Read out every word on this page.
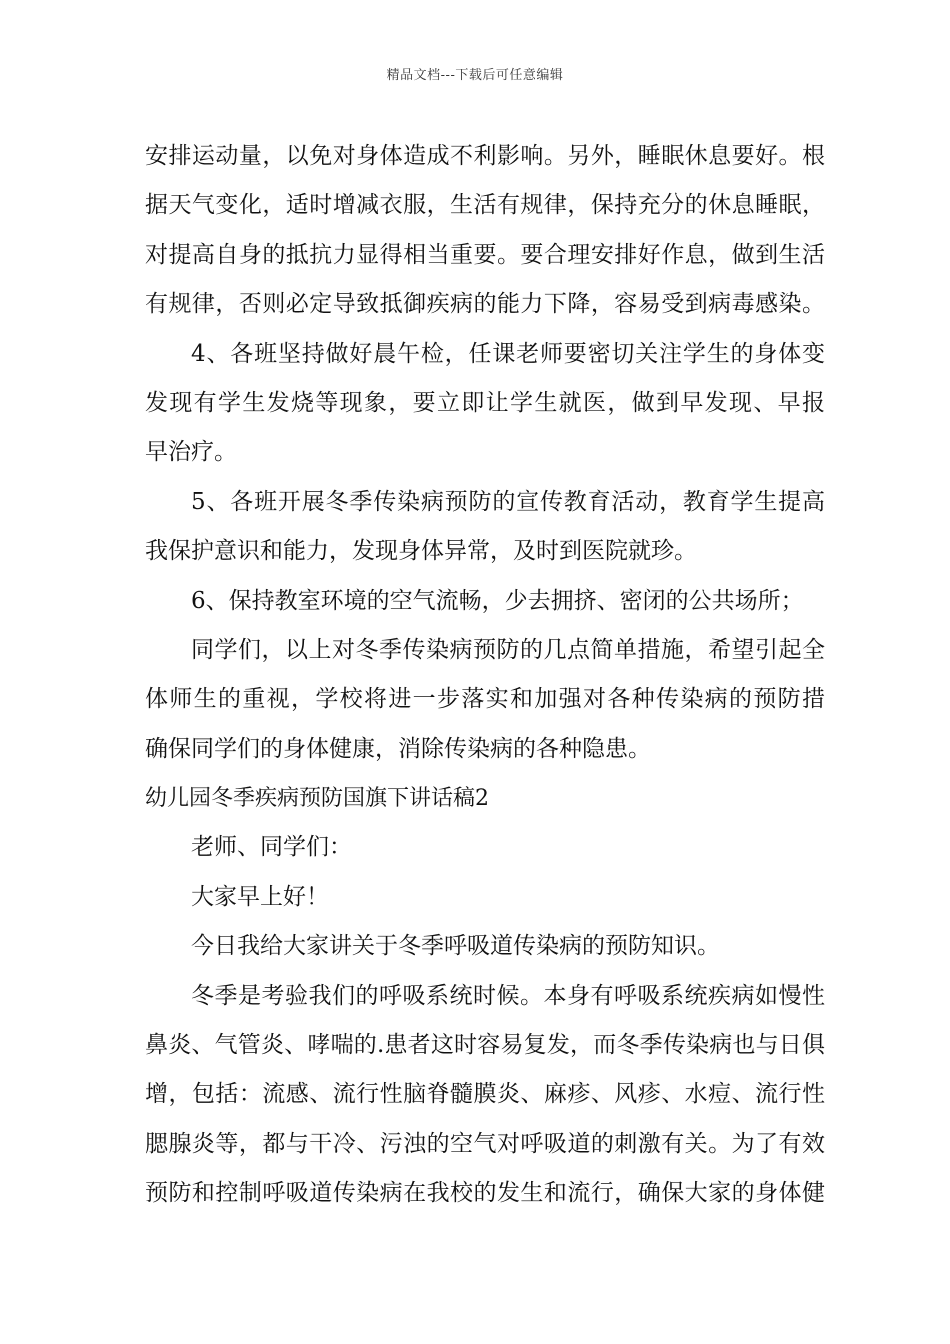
精品文档---下载后可任意编辑
安排运动量，以免对身体造成不利影响。另外，睡眠休息要好。根
据天气变化，适时增减衣服，生活有规律，保持充分的休息睡眠，
对提高自身的抵抗力显得相当重要。要合理安排好作息，做到生活
有规律，否则必定导致抵御疾病的能力下降，容易受到病毒感染。
4、各班坚持做好晨午检，任课老师要密切关注学生的身体变
发现有学生发烧等现象，要立即让学生就医，做到早发现、早报
早治疗。
5、各班开展冬季传染病预防的宣传教育活动，教育学生提高
我保护意识和能力，发现身体异常，及时到医院就珍。
6、保持教室环境的空气流畅，少去拥挤、密闭的公共场所；
同学们，以上对冬季传染病预防的几点简单措施，希望引起全
体师生的重视，学校将进一步落实和加强对各种传染病的预防措
确保同学们的身体健康，消除传染病的各种隐患。
幼儿园冬季疾病预防国旗下讲话稿2
老师、同学们：
大家早上好！
今日我给大家讲关于冬季呼吸道传染病的预防知识。
冬季是考验我们的呼吸系统时候。本身有呼吸系统疾病如慢性
鼻炎、气管炎、哮喘的.患者这时容易复发，而冬季传染病也与日俱
增，包括：流感、流行性脑脊髓膜炎、麻疹、风疹、水痘、流行性
腮腺炎等，都与干冷、污浊的空气对呼吸道的刺激有关。为了有效
预防和控制呼吸道传染病在我校的发生和流行，确保大家的身体健
